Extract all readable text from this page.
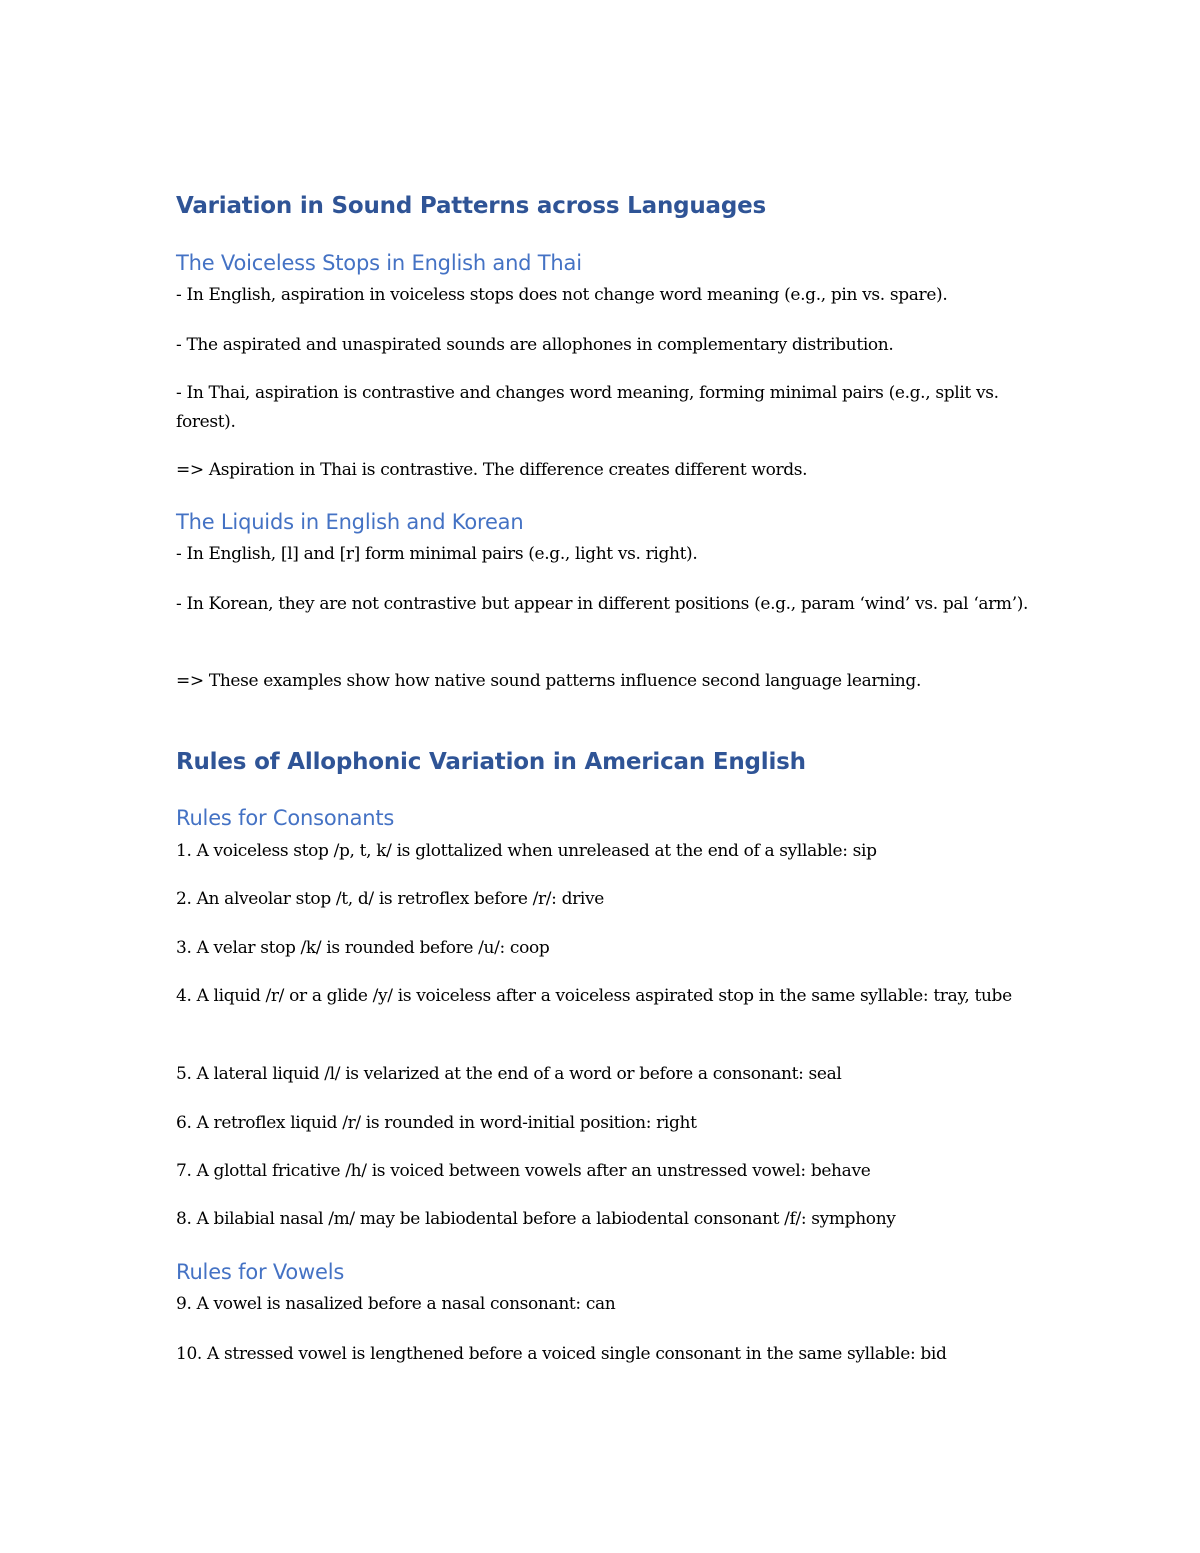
Variation in Sound Patterns across Languages
The Voiceless Stops in English and Thai
- In English, aspiration in voiceless stops does not change word meaning (e.g., pin vs. spare).
- The aspirated and unaspirated sounds are allophones in complementary distribution.
- In Thai, aspiration is contrastive and changes word meaning, forming minimal pairs (e.g., split vs. forest).
=> Aspiration in Thai is contrastive. The difference creates different words.
The Liquids in English and Korean
- In English, [l] and [r] form minimal pairs (e.g., light vs. right).
- In Korean, they are not contrastive but appear in different positions (e.g., param ‘wind’ vs. pal ‘arm’).
=> These examples show how native sound patterns influence second language learning.
Rules of Allophonic Variation in American English
Rules for Consonants
1. A voiceless stop /p, t, k/ is glottalized when unreleased at the end of a syllable: sip
2. An alveolar stop /t, d/ is retroflex before /r/: drive
3. A velar stop /k/ is rounded before /u/: coop
4. A liquid /r/ or a glide /y/ is voiceless after a voiceless aspirated stop in the same syllable: tray, tube
5. A lateral liquid /l/ is velarized at the end of a word or before a consonant: seal
6. A retroflex liquid /r/ is rounded in word-initial position: right
7. A glottal fricative /h/ is voiced between vowels after an unstressed vowel: behave
8. A bilabial nasal /m/ may be labiodental before a labiodental consonant /f/: symphony
Rules for Vowels
9. A vowel is nasalized before a nasal consonant: can
10. A stressed vowel is lengthened before a voiced single consonant in the same syllable: bid
